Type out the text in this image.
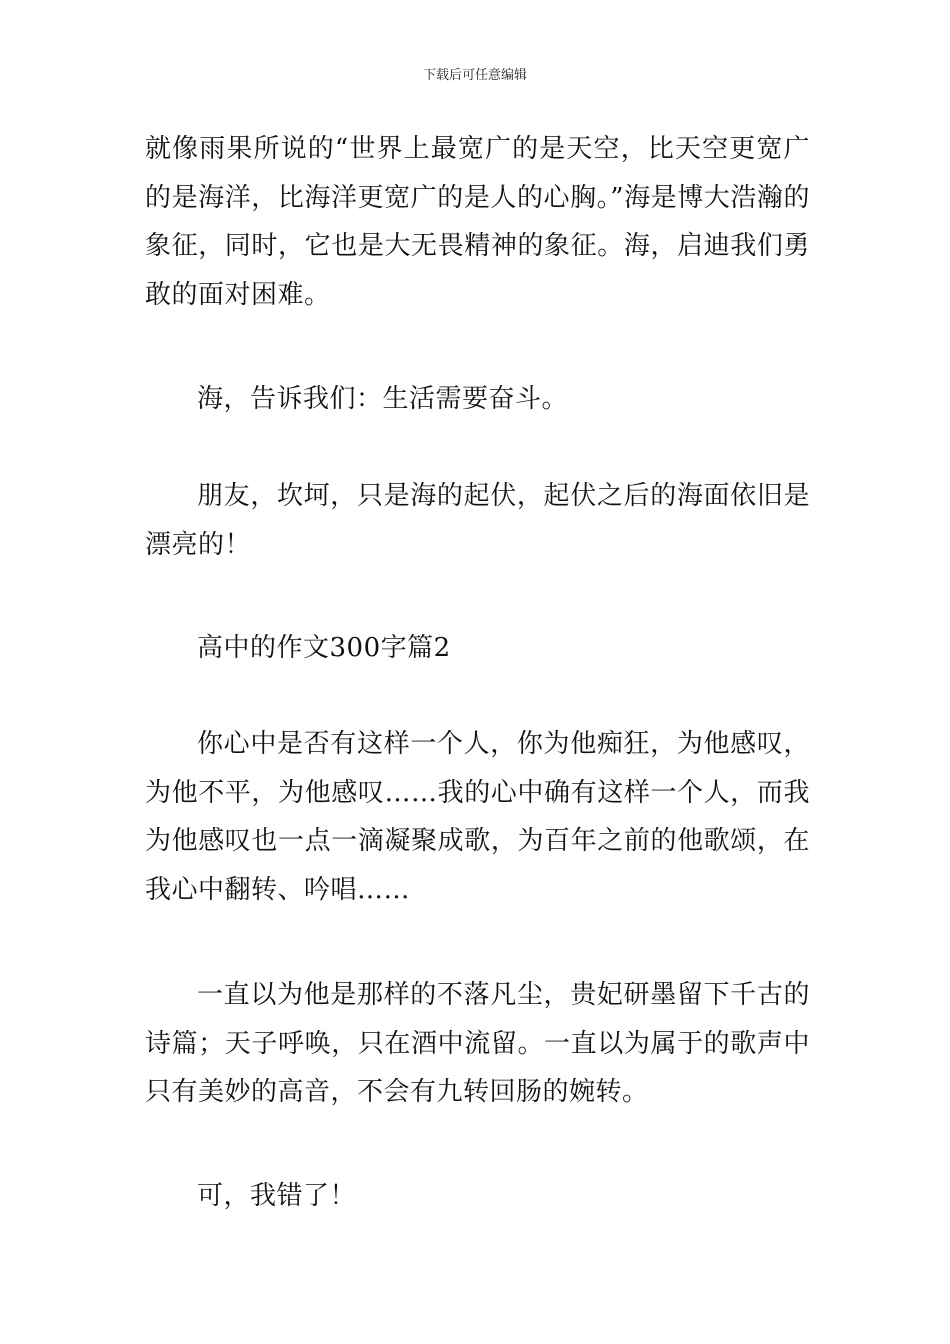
下载后可任意编辑

就像雨果所说的“世界上最宽广的是天空，比天空更宽广的是海洋，比海洋更宽广的是人的心胸。”海是博大浩瀚的象征，同时，它也是大无畏精神的象征。海，启迪我们勇敢的面对困难。

海，告诉我们：生活需要奋斗。

朋友，坎坷，只是海的起伏，起伏之后的海面依旧是漂亮的！

高中的作文300字篇2

你心中是否有这样一个人，你为他痴狂，为他感叹，为他不平，为他感叹……我的心中确有这样一个人，而我为他感叹也一点一滴凝聚成歌，为百年之前的他歌颂，在我心中翻转、吟唱……

一直以为他是那样的不落凡尘，贵妃研墨留下千古的诗篇；天子呼唤，只在酒中流留。一直以为属于的歌声中只有美妙的高音，不会有九转回肠的婉转。

可，我错了！
